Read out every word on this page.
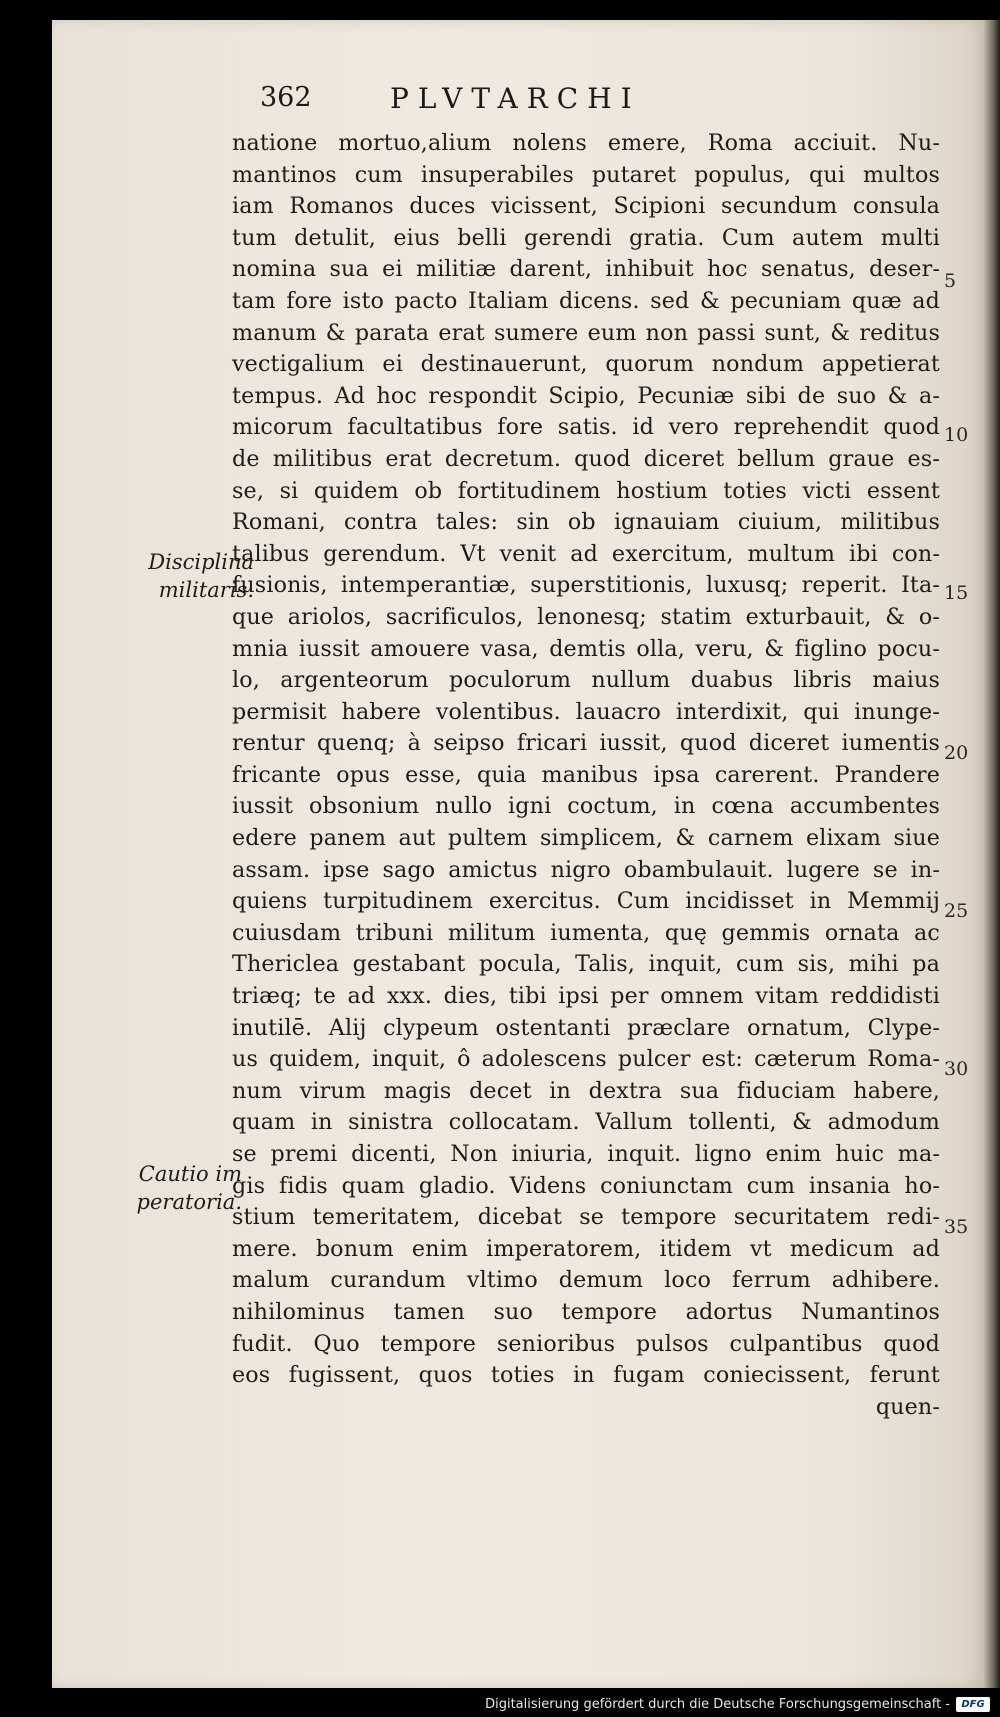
362	PLVTARCHI
natione mortuo,alium nolens emere, Roma acciuit. Nu-
mantinos cum insuperabiles putaret populus, qui multos
iam Romanos duces vicissent, Scipioni secundum consula
tum detulit, eius belli gerendi gratia. Cum autem multi
nomina sua ei militiæ darent, inhibuit hoc senatus, deser-
tam fore isto pacto Italiam dicens. sed & pecuniam quæ ad
manum & parata erat sumere eum non passi sunt, & reditus
vectigalium ei destinauerunt, quorum nondum appetierat
tempus. Ad hoc respondit Scipio, Pecuniæ sibi de suo & a-
micorum facultatibus fore satis. id vero reprehendit quod
de militibus erat decretum. quod diceret bellum graue es-
se, si quidem ob fortitudinem hostium toties victi essent
Romani, contra tales: sin ob ignauiam ciuium, militibus
talibus gerendum. Vt venit ad exercitum, multum ibi con-
fusionis, intemperantiæ, superstitionis, luxusq; reperit. Ita-
que ariolos, sacrificulos, lenonesq; statim exturbauit, & o-
mnia iussit amouere vasa, demtis olla, veru, & figlino pocu-
lo, argenteorum poculorum nullum duabus libris maius
permisit habere volentibus. lauacro interdixit, qui inunge-
rentur quenq; à seipso fricari iussit, quod diceret iumentis
fricante opus esse, quia manibus ipsa carerent. Prandere
iussit obsonium nullo igni coctum, in cœna accumbentes
edere panem aut pultem simplicem, & carnem elixam siue
assam. ipse sago amictus nigro obambulauit. lugere se in-
quiens turpitudinem exercitus. Cum incidisset in Memmij
cuiusdam tribuni militum iumenta, quę gemmis ornata ac
Thericlea gestabant pocula, Talis, inquit, cum sis, mihi pa
triæq; te ad xxx. dies, tibi ipsi per omnem vitam reddidisti
inutilē. Alij clypeum ostentanti præclare ornatum, Clype-
us quidem, inquit, ô adolescens pulcer est: cæterum Roma-
num virum magis decet in dextra sua fiduciam habere,
quam in sinistra collocatam. Vallum tollenti, & admodum
se premi dicenti, Non iniuria, inquit. ligno enim huic ma-
gis fidis quam gladio. Videns coniunctam cum insania ho-
stium temeritatem, dicebat se tempore securitatem redi-
mere. bonum enim imperatorem, itidem vt medicum ad
malum curandum vltimo demum loco ferrum adhibere.
nihilominus tamen suo tempore adortus Numantinos
fudit. Quo tempore senioribus pulsos culpantibus quod
eos fugissent, quos toties in fugam coniecissent, ferunt
quen-
Disciplina
militaris.
Cautio im
peratoria.
5
10
15
20
25
30
35
Digitalisierung gefördert durch die Deutsche Forschungsgemeinschaft -	DFG
